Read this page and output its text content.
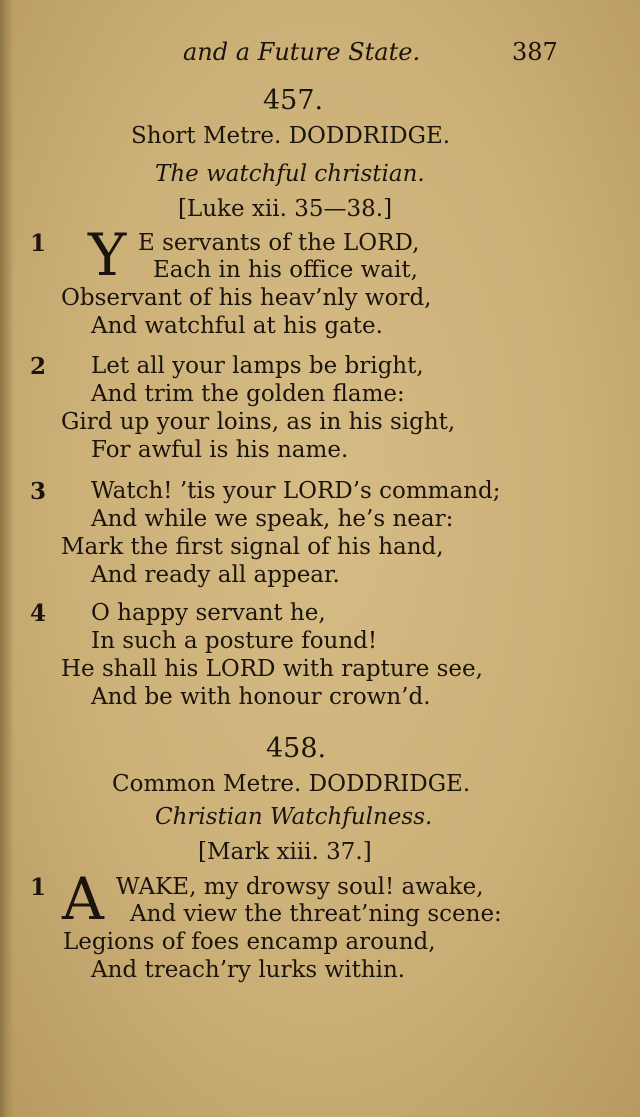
and a Future State.	387
457.
Short Metre. DODDRIDGE.
The watchful christian.
[Luke xii. 35—38.]
1 Y E servants of the LORD,
Each in his office wait,
Observant of his heav’nly word,
And watchful at his gate.
2 Let all your lamps be bright,
And trim the golden flame:
Gird up your loins, as in his sight,
For awful is his name.
3 Watch! ’tis your LORD’s command;
And while we speak, he’s near:
Mark the first signal of his hand,
And ready all appear.
4 O happy servant he,
In such a posture found!
He shall his LORD with rapture see,
And be with honour crown’d.
458.
Common Metre. DODDRIDGE.
Christian Watchfulness.
[Mark xiii. 37.]
1 A WAKE, my drowsy soul! awake,
And view the threat’ning scene:
Legions of foes encamp around,
And treach’ry lurks within.
